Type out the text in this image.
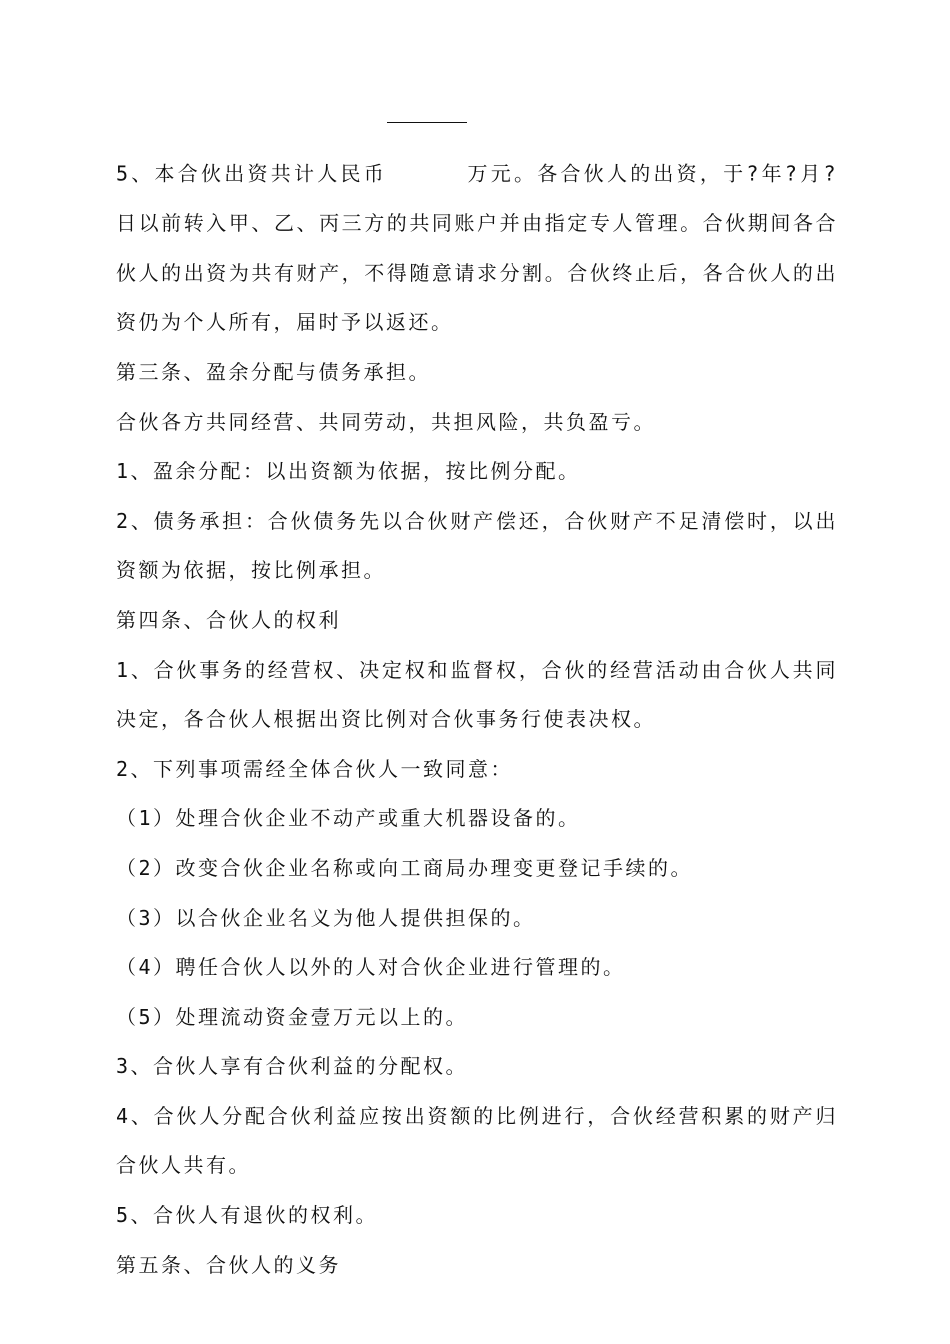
5、本合伙出资共计人民币	万元。各合伙人的出资，于?年?月?日以前转入甲、乙、丙三方的共同账户并由指定专人管理。合伙期间各合伙人的出资为共有财产，不得随意请求分割。合伙终止后，各合伙人的出资仍为个人所有，届时予以返还。

第三条、盈余分配与债务承担。

合伙各方共同经营、共同劳动，共担风险，共负盈亏。

1、盈余分配：以出资额为依据，按比例分配。

2、债务承担：合伙债务先以合伙财产偿还，合伙财产不足清偿时，以出资额为依据，按比例承担。

第四条、合伙人的权利

1、合伙事务的经营权、决定权和监督权，合伙的经营活动由合伙人共同决定，各合伙人根据出资比例对合伙事务行使表决权。

2、下列事项需经全体合伙人一致同意：

（1）处理合伙企业不动产或重大机器设备的。

（2）改变合伙企业名称或向工商局办理变更登记手续的。

（3）以合伙企业名义为他人提供担保的。

（4）聘任合伙人以外的人对合伙企业进行管理的。

（5）处理流动资金壹万元以上的。

3、合伙人享有合伙利益的分配权。

4、合伙人分配合伙利益应按出资额的比例进行，合伙经营积累的财产归合伙人共有。

5、合伙人有退伙的权利。

第五条、合伙人的义务
